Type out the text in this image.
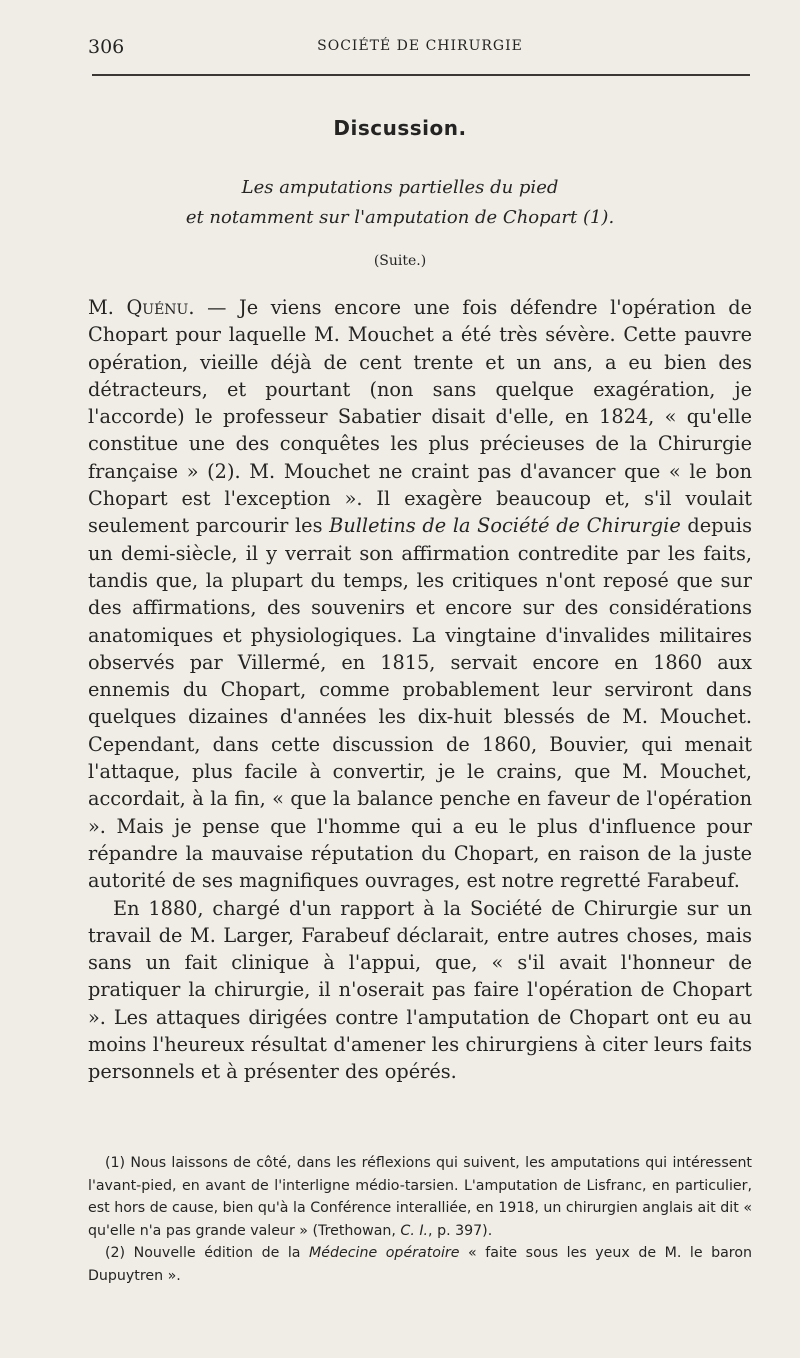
306	SOCIÉTÉ DE CHIRURGIE
Discussion.
Les amputations partielles du pied
et notamment sur l'amputation de Chopart (1).
(Suite.)

M. Quénu. — Je viens encore une fois défendre l'opération de Chopart pour laquelle M. Mouchet a été très sévère. Cette pauvre opération, vieille déjà de cent trente et un ans, a eu bien des détracteurs, et pourtant (non sans quelque exagération, je l'accorde) le professeur Sabatier disait d'elle, en 1824, « qu'elle constitue une des conquêtes les plus précieuses de la Chirurgie française » (2). M. Mouchet ne craint pas d'avancer que « le bon Chopart est l'exception ». Il exagère beaucoup et, s'il voulait seulement parcourir les Bulletins de la Société de Chirurgie depuis un demi-siècle, il y verrait son affirmation contredite par les faits, tandis que, la plupart du temps, les critiques n'ont reposé que sur des affirmations, des souvenirs et encore sur des considérations anatomiques et physiologiques. La vingtaine d'invalides militaires observés par Villermé, en 1815, servait encore en 1860 aux ennemis du Chopart, comme probablement leur serviront dans quelques dizaines d'années les dix-huit blessés de M. Mouchet. Cependant, dans cette discussion de 1860, Bouvier, qui menait l'attaque, plus facile à convertir, je le crains, que M. Mouchet, accordait, à la fin, « que la balance penche en faveur de l'opération ». Mais je pense que l'homme qui a eu le plus d'influence pour répandre la mauvaise réputation du Chopart, en raison de la juste autorité de ses magnifiques ouvrages, est notre regretté Farabeuf.

En 1880, chargé d'un rapport à la Société de Chirurgie sur un travail de M. Larger, Farabeuf déclarait, entre autres choses, mais sans un fait clinique à l'appui, que, « s'il avait l'honneur de pratiquer la chirurgie, il n'oserait pas faire l'opération de Chopart ». Les attaques dirigées contre l'amputation de Chopart ont eu au moins l'heureux résultat d'amener les chirurgiens à citer leurs faits personnels et à présenter des opérés.

(1) Nous laissons de côté, dans les réflexions qui suivent, les amputations qui intéressent l'avant-pied, en avant de l'interligne médio-tarsien. L'amputation de Lisfranc, en particulier, est hors de cause, bien qu'à la Conférence interalliée, en 1918, un chirurgien anglais ait dit « qu'elle n'a pas grande valeur » (Trethowan, C. I., p. 397).

(2) Nouvelle édition de la Médecine opératoire « faite sous les yeux de M. le baron Dupuytren ».
